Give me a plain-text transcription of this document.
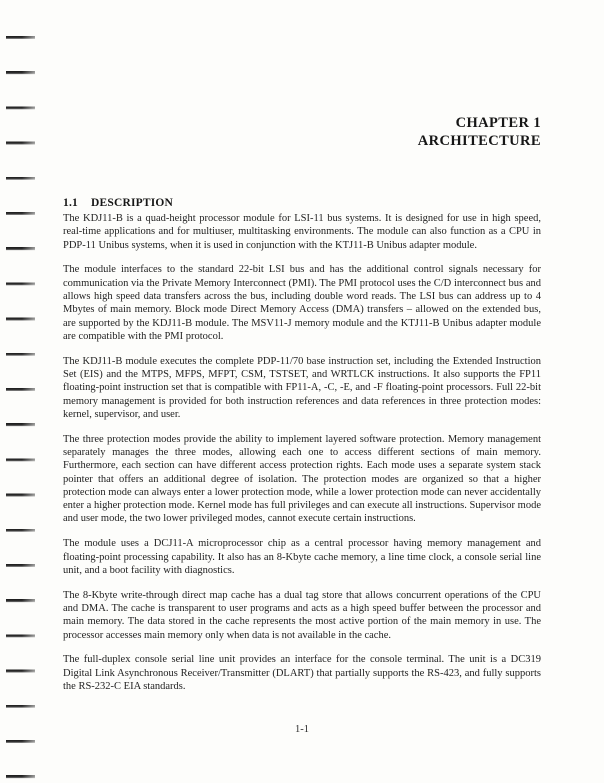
CHAPTER 1
ARCHITECTURE
1.1 DESCRIPTION

The KDJ11-B is a quad-height processor module for LSI-11 bus systems. It is designed for use in high speed, real-time applications and for multiuser, multitasking environments. The module can also function as a CPU in PDP-11 Unibus systems, when it is used in conjunction with the KTJ11-B Unibus adapter module.

The module interfaces to the standard 22-bit LSI bus and has the additional control signals necessary for communication via the Private Memory Interconnect (PMI). The PMI protocol uses the C/D interconnect bus and allows high speed data transfers across the bus, including double word reads. The LSI bus can address up to 4 Mbytes of main memory. Block mode Direct Memory Access (DMA) transfers – allowed on the extended bus, are supported by the KDJ11-B module. The MSV11-J memory module and the KTJ11-B Unibus adapter module are compatible with the PMI protocol.

The KDJ11-B module executes the complete PDP-11/70 base instruction set, including the Extended Instruction Set (EIS) and the MTPS, MFPS, MFPT, CSM, TSTSET, and WRTLCK instructions. It also supports the FP11 floating-point instruction set that is compatible with FP11-A, -C, -E, and -F floating-point processors. Full 22-bit memory management is provided for both instruction references and data references in three protection modes: kernel, supervisor, and user.

The three protection modes provide the ability to implement layered software protection. Memory management separately manages the three modes, allowing each one to access different sections of main memory. Furthermore, each section can have different access protection rights. Each mode uses a separate system stack pointer that offers an additional degree of isolation. The protection modes are organized so that a higher protection mode can always enter a lower protection mode, while a lower protection mode can never accidentally enter a higher protection mode. Kernel mode has full privileges and can execute all instructions. Supervisor mode and user mode, the two lower privileged modes, cannot execute certain instructions.

The module uses a DCJ11-A microprocessor chip as a central processor having memory management and floating-point processing capability. It also has an 8-Kbyte cache memory, a line time clock, a console serial line unit, and a boot facility with diagnostics.

The 8-Kbyte write-through direct map cache has a dual tag store that allows concurrent operations of the CPU and DMA. The cache is transparent to user programs and acts as a high speed buffer between the processor and main memory. The data stored in the cache represents the most active portion of the main memory in use. The processor accesses main memory only when data is not available in the cache.

The full-duplex console serial line unit provides an interface for the console terminal. The unit is a DC319 Digital Link Asynchronous Receiver/Transmitter (DLART) that partially supports the RS-423, and fully supports the RS-232-C EIA standards.

1-1
